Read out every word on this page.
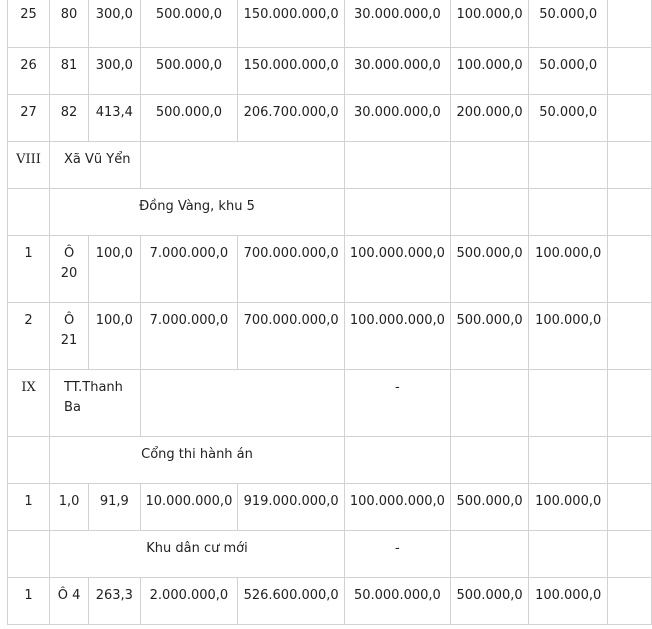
25	80	300,0	500.000,0	150.000.000,0	30.000.000,0	100.000,0	50.000,0	
26	81	300,0	500.000,0	150.000.000,0	30.000.000,0	100.000,0	50.000,0	
27	82	413,4	500.000,0	206.700.000,0	30.000.000,0	200.000,0	50.000,0	
VIII	Xã Vũ Yển							
	Đồng Vàng, khu 5							
1	Ô 20	100,0	7.000.000,0	700.000.000,0	100.000.000,0	500.000,0	100.000,0	
2	Ô 21	100,0	7.000.000,0	700.000.000,0	100.000.000,0	500.000,0	100.000,0	
IX	TT.Thanh Ba				-			
	Cổng thi hành án							
1	1,0	91,9	10.000.000,0	919.000.000,0	100.000.000,0	500.000,0	100.000,0	
	Khu dân cư mới				-			
1	Ô 4	263,3	2.000.000,0	526.600.000,0	50.000.000,0	500.000,0	100.000,0	
